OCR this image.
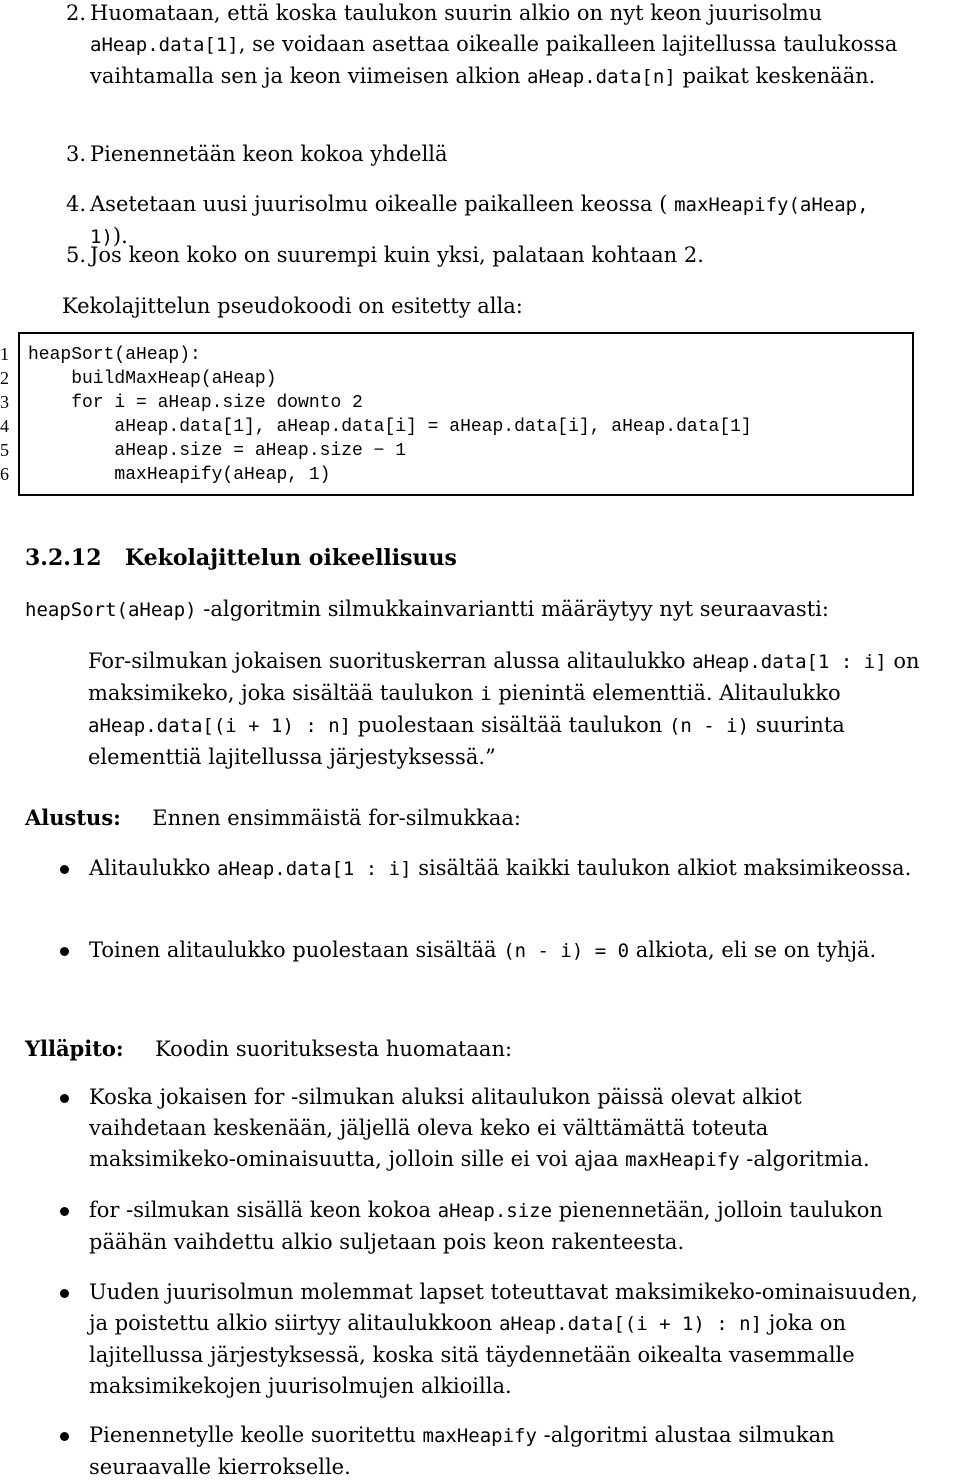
2. Huomataan, että koska taulukon suurin alkio on nyt keon juurisolmu aHeap.data[1], se voidaan asettaa oikealle paikalleen lajitellussa taulukossa vaihtamalla sen ja keon viimeisen alkion aHeap.data[n] paikat keskenään.
3. Pienennetään keon kokoa yhdellä
4. Asetetaan uusi juurisolmu oikealle paikalleen keossa ( maxHeapify(aHeap, 1)).
5. Jos keon koko on suurempi kuin yksi, palataan kohtaan 2.
Kekolajittelun pseudokoodi on esitetty alla:
1
2
3
4
5
6
heapSort(aHeap):
buildMaxHeap(aHeap)
for i = aHeap.size downto 2
aHeap.data[1], aHeap.data[i] = aHeap.data[i], aHeap.data[1]
aHeap.size = aHeap.size − 1
maxHeapify(aHeap, 1)
3.2.12 Kekolajittelun oikeellisuus
heapSort(aHeap) -algoritmin silmukkainvariantti määräytyy nyt seuraavasti:
For-silmukan jokaisen suorituskerran alussa alitaulukko aHeap.data[1 : i] on maksimikeko, joka sisältää taulukon i pienintä elementtiä. Alitaulukko aHeap.data[(i + 1) : n] puolestaan sisältää taulukon (n - i) suurinta elementtiä lajitellussa järjestyksessä.”
Alustus: Ennen ensimmäistä for-silmukkaa:
Alitaulukko aHeap.data[1 : i] sisältää kaikki taulukon alkiot maksimikeossa.
Toinen alitaulukko puolestaan sisältää (n - i) = 0 alkiota, eli se on tyhjä.
Ylläpito: Koodin suorituksesta huomataan:
Koska jokaisen for -silmukan aluksi alitaulukon päissä olevat alkiot vaihdetaan keskenään, jäljellä oleva keko ei välttämättä toteuta maksimikeko-ominaisuutta, jolloin sille ei voi ajaa maxHeapify -algoritmia.
for -silmukan sisällä keon kokoa aHeap.size pienennetään, jolloin taulukon päähän vaihdettu alkio suljetaan pois keon rakenteesta.
Uuden juurisolmun molemmat lapset toteuttavat maksimikeko-ominaisuuden, ja poistettu alkio siirtyy alitaulukkoon aHeap.data[(i + 1) : n] joka on lajitellussa järjestyksessä, koska sitä täydennetään oikealta vasemmalle maksimikekojen juurisolmujen alkioilla.
Pienennetylle keolle suoritettu maxHeapify -algoritmi alustaa silmukan seuraavalle kierrokselle.
